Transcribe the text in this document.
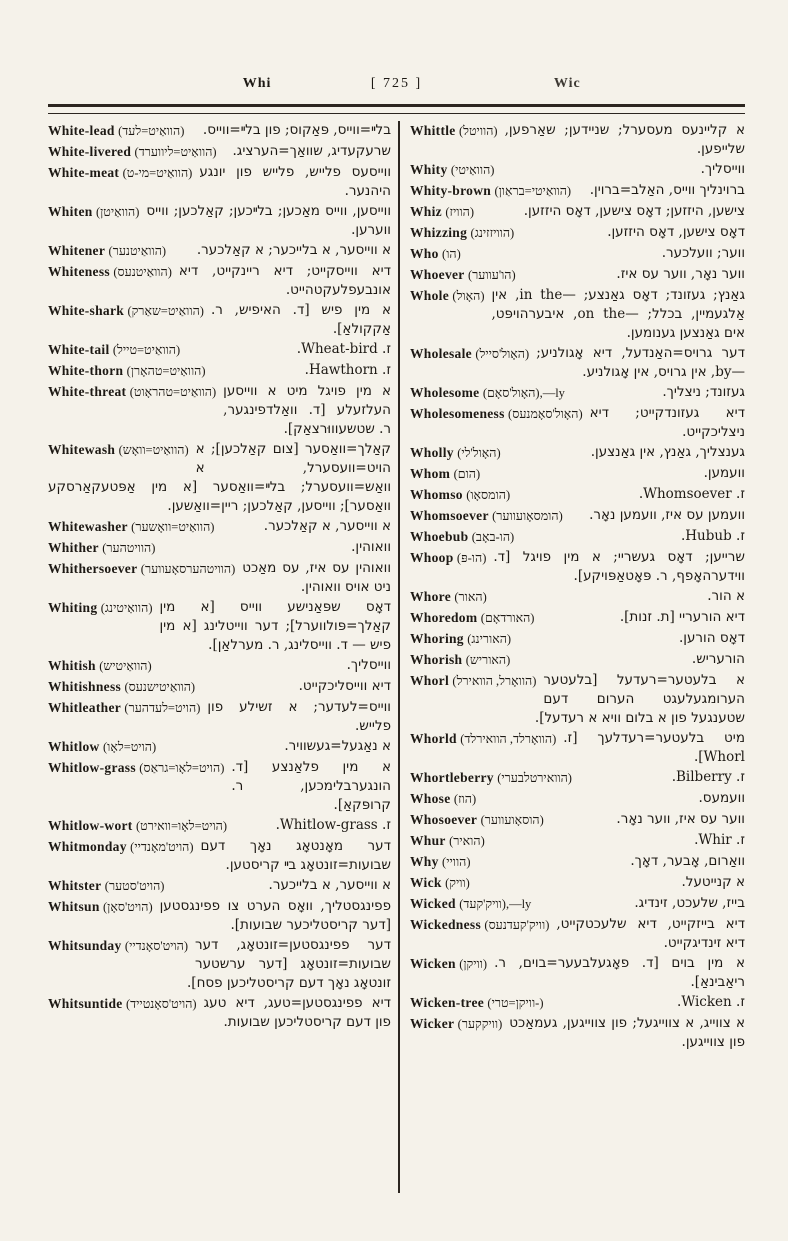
Whi	[ 725 ]	Wic

White-lead (הוואַיט=לעד) בלײ=ווייס, פּאַקוס; פון בלײ=ווייס.

White-livered (הוואַיט=ליווערד) שרעקעדיג, שוואַך=הערציג.

White-meat (הוואַיט=מי-ט) ווייסעס פלייש, פלייש פון יונגע היהנער.

Whiten (הוואַיטן) ווייסען, ווייס מאַכען; בלײכען; קאַלכען; ווייס ווערען.

Whitener (הוואַיטנער) א ווייסער, א בלייכער; א קאַלכער.

Whiteness (הוואַיטנעס) דיא ווייסקייט; דיא ריינקייט, דיא אונבעפלעקטהייט.

White-shark (הוואַיט=שאַרק) א מין פיש [ד. האיפיש, ר. אַקקולאַ].

White-tail (הוואַיט=טייל)	ז. Wheat-bird.

White-thorn (הוואַיט=טהאָרן)	ז. Hawthorn.

White-threat (הוואַיט=טהראָוט) א מין פויגל מיט א ווייסען העלזעלע [ד. וואַלדפינגער, ר. שטשעוווּרצאַק].

Whitewash (הוואַיט=וואָש) קאַלך=וואַסער [צום קאַלכען]; א הויט=וועסערל, א וואַש=וועסערל; בלײ=וואַסער [א מין אַפּטעקאַרסקע וואַסער]; ווייסען, קאַלכען; ריין=וואַשען.

Whitewasher (הוואַיט=וואָשער)	א ווייסער, א קאַלכער.

Whither (הוויטהער)	וואוהין.

Whithersoever (הוויטהערסאָעווער) וואוהין עס איז, עס מאַכט ניט אויס וואוהין.

Whiting (הוואַיטינג) דאָס שפּאַנישע ווייס [א מין קאַלך=פּולווערל]; דער ווייטלינג [א מין פיש — ד. ווייסלינג, ר. מערלאַן].

Whitish (הוואַיטיש)	ווייסליך.

Whitishness (הוואַיטישנעס)	דיא ווייסליכקייט.

Whitleather (הויט=לעדהער) ווייס=לעדער; א זשילע פון פלייש.

Whitlow (הויט=לאָו)	א נאַגעל=געשוויר.

Whitlow-grass (הויט=לאָו=גראַס) א מין פלאַנצע [ד. הונגערבלימכען, ר. קרופּקאַ].

Whitlow-wort (הויט=לאָו=וואירט)	ז. Whitlow-grass.

Whitmonday (הויט'מאָנדיי) דער מאָנטאָג נאָך דעם שבועות=זונטאָג בײ קריסטען.

Whitster (הויט'סטער)	א ווייסער, א בלייכער.

Whitsun (הויט'סאָן) פפינגסטליך, וואָס הערט צו פפינגסטען [דער קריסטליכער שבועות].

Whitsunday (הויט'סאָנדיי) דער פפינגסטען=זונטאָג, דער שבועות=זונטאָג [דער ערשטער זונטאָג נאָך דעם קריסטליכען פסח].

Whitsuntide (הויט'סאָנטייד) דיא פפינגסטען=טעג, דיא טעג פון דעם קריסטליכען שבועות.

Whittle (הוויטל) א קליינעס מעסערל; שניידען; שאַרפען, שלייפען.

Whity (הוואַיטי)	ווייסליך.

Whity-brown (הוואַיטי=בראַון) ברוינליך ווייס, האַלב=ברוין.

Whiz (הוויז)	צישען, היזזען; דאָס צישען, דאָס היזזען.

Whizzing (הוויזזינג)	דאָס צישען, דאָס היזזען.

Who (הו)	ווער; וועלכער.

Whoever (הו'עווער)	ווער נאָר, ווער עס איז.

Whole (האָול) גאַנץ; געזונד; דאָס גאַנצע; —in the, אין אַלגעמיין, בכלל; —on the, איבערהויפּט, אים גאַנצען גענומען.

Wholesale (האָול'סייל) דער גרויס=האַנדעל, דיא אָגולניע; —by, אין גרויס, אין אָגולניע.

Wholesome (האָול'סאָם),—ly	געזונד; ניצליך.

Wholesomeness (האָול'סאָמנעס) דיא געזונדקייט; דיא ניצליכקייט.

Wholly (האָול'לי)	גענצליך, גאַנץ, אין גאַנצען.

Whom (הום)	וועמען.

Whomso (הומסאָו)	ז. Whomsoever.

Whomsoever (הומסאָועווער) וועמען עס איז, וועמען נאָר.

Whoebub (הו-באָב)	ז. Hubub.

Whoop (הו-פּ) שרייען; דאָס געשריי; א מין פויגל [ד. ווידערהאָפף, ר. פּאָטאַפּויקע].

Whore (האור)	א הור.

Whoredom (האורדאָם)	דיא הורעריי [ת. זנות].

Whoring (האורינג)	דאָס הורען.

Whorish (האוריש)	הורעריש.

Whorl (הוואָרל, הוואירל) א בלעטער=רעדעל [בלעטער הערומגעלעגט הערום דעם שטענגעל פון א בלום וויא א רעדעל].

Whorld (הוואָרלד, הוואירלד) מיט בלעטער=רעדלעך [ז. Whorl].

Whortleberry (הוואירטלבערי)	ז. Bilberry.

Whose (הוז)	וועמעס.

Whosoever (הוסאָועווער)	ווער עס איז, ווער נאָר.

Whur (הואיר)	ז. Whir.

Why (הוויי)	וואַרום, אָבער, דאָך.

Wick (וויק)	א קנייטעל.

Wicked (וויק'קעד),—ly	בייז, שלעכט, זינדיג.

Wickedness (וויק'קעדנעס) דיא בייזקייט, דיא שלעכטקייט, דיא זינדיגקייט.

Wicken (וויקן) א מין בוים [ד. פאָגעלבעער=בוים, ר. ריאַבינאַ].

Wicken-tree (וויקן=טרי-)	ז. Wicken.

Wicker (וויקקער) א צווייג, א צווייגעל; פון צווייגען, געמאַכט פון צווייגען.
